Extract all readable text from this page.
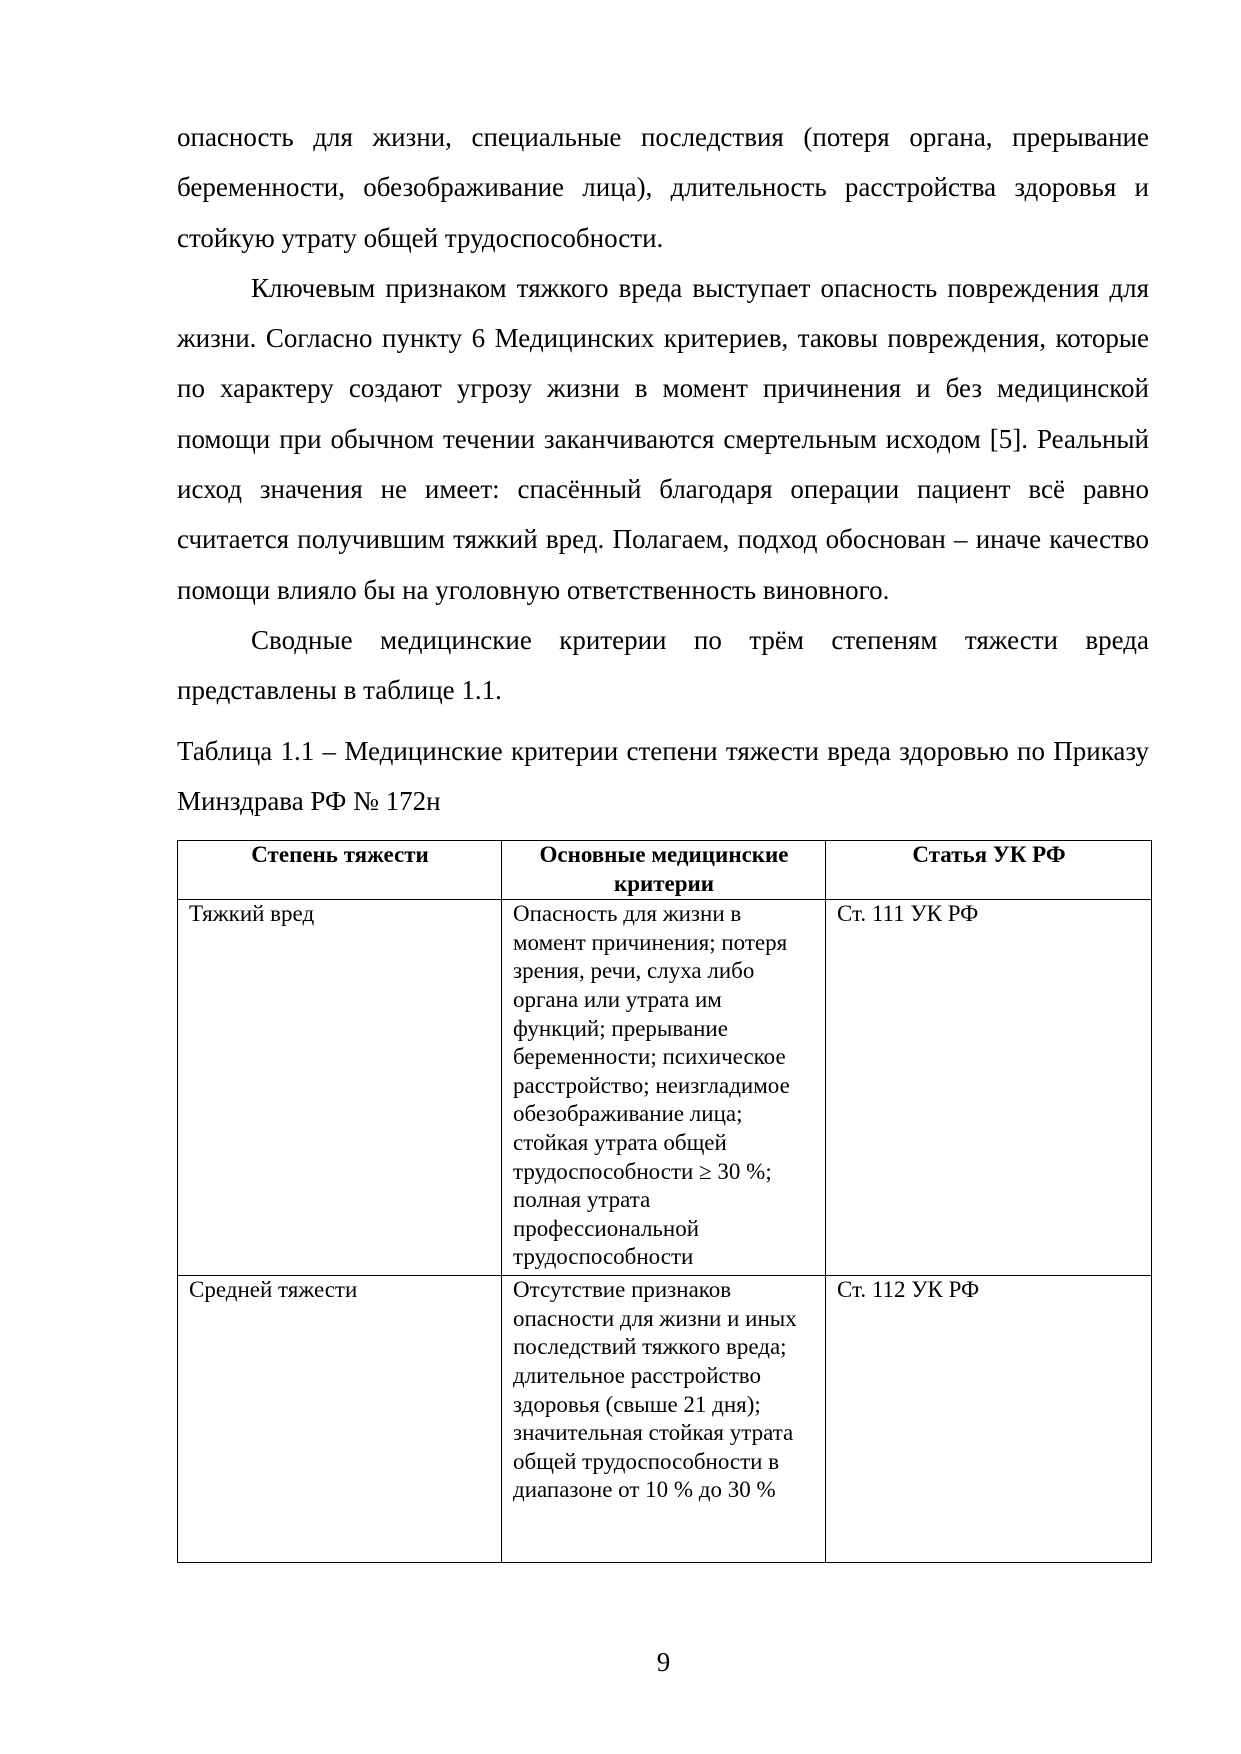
опасность для жизни, специальные последствия (потеря органа, прерывание беременности, обезображивание лица), длительность расстройства здоровья и стойкую утрату общей трудоспособности.

Ключевым признаком тяжкого вреда выступает опасность повреждения для жизни. Согласно пункту 6 Медицинских критериев, таковы повреждения, которые по характеру создают угрозу жизни в момент причинения и без медицинской помощи при обычном течении заканчиваются смертельным исходом [5]. Реальный исход значения не имеет: спасённый благодаря операции пациент всё равно считается получившим тяжкий вред. Полагаем, подход обоснован – иначе качество помощи влияло бы на уголовную ответственность виновного.

Сводные медицинские критерии по трём степеням тяжести вреда представлены в таблице 1.1.

Таблица 1.1 – Медицинские критерии степени тяжести вреда здоровью по Приказу Минздрава РФ № 172н

Степень тяжести	Основные медицинские критерии	Статья УК РФ
Тяжкий вред	Опасность для жизни в момент причинения; потеря зрения, речи, слуха либо органа или утрата им функций; прерывание беременности; психическое расстройство; неизгладимое обезображивание лица; стойкая утрата общей трудоспособности ≥ 30 %; полная утрата профессиональной трудоспособности	Ст. 111 УК РФ
Средней тяжести	Отсутствие признаков опасности для жизни и иных последствий тяжкого вреда; длительное расстройство здоровья (свыше 21 дня); значительная стойкая утрата общей трудоспособности в диапазоне от 10 % до 30 %	Ст. 112 УК РФ
9
